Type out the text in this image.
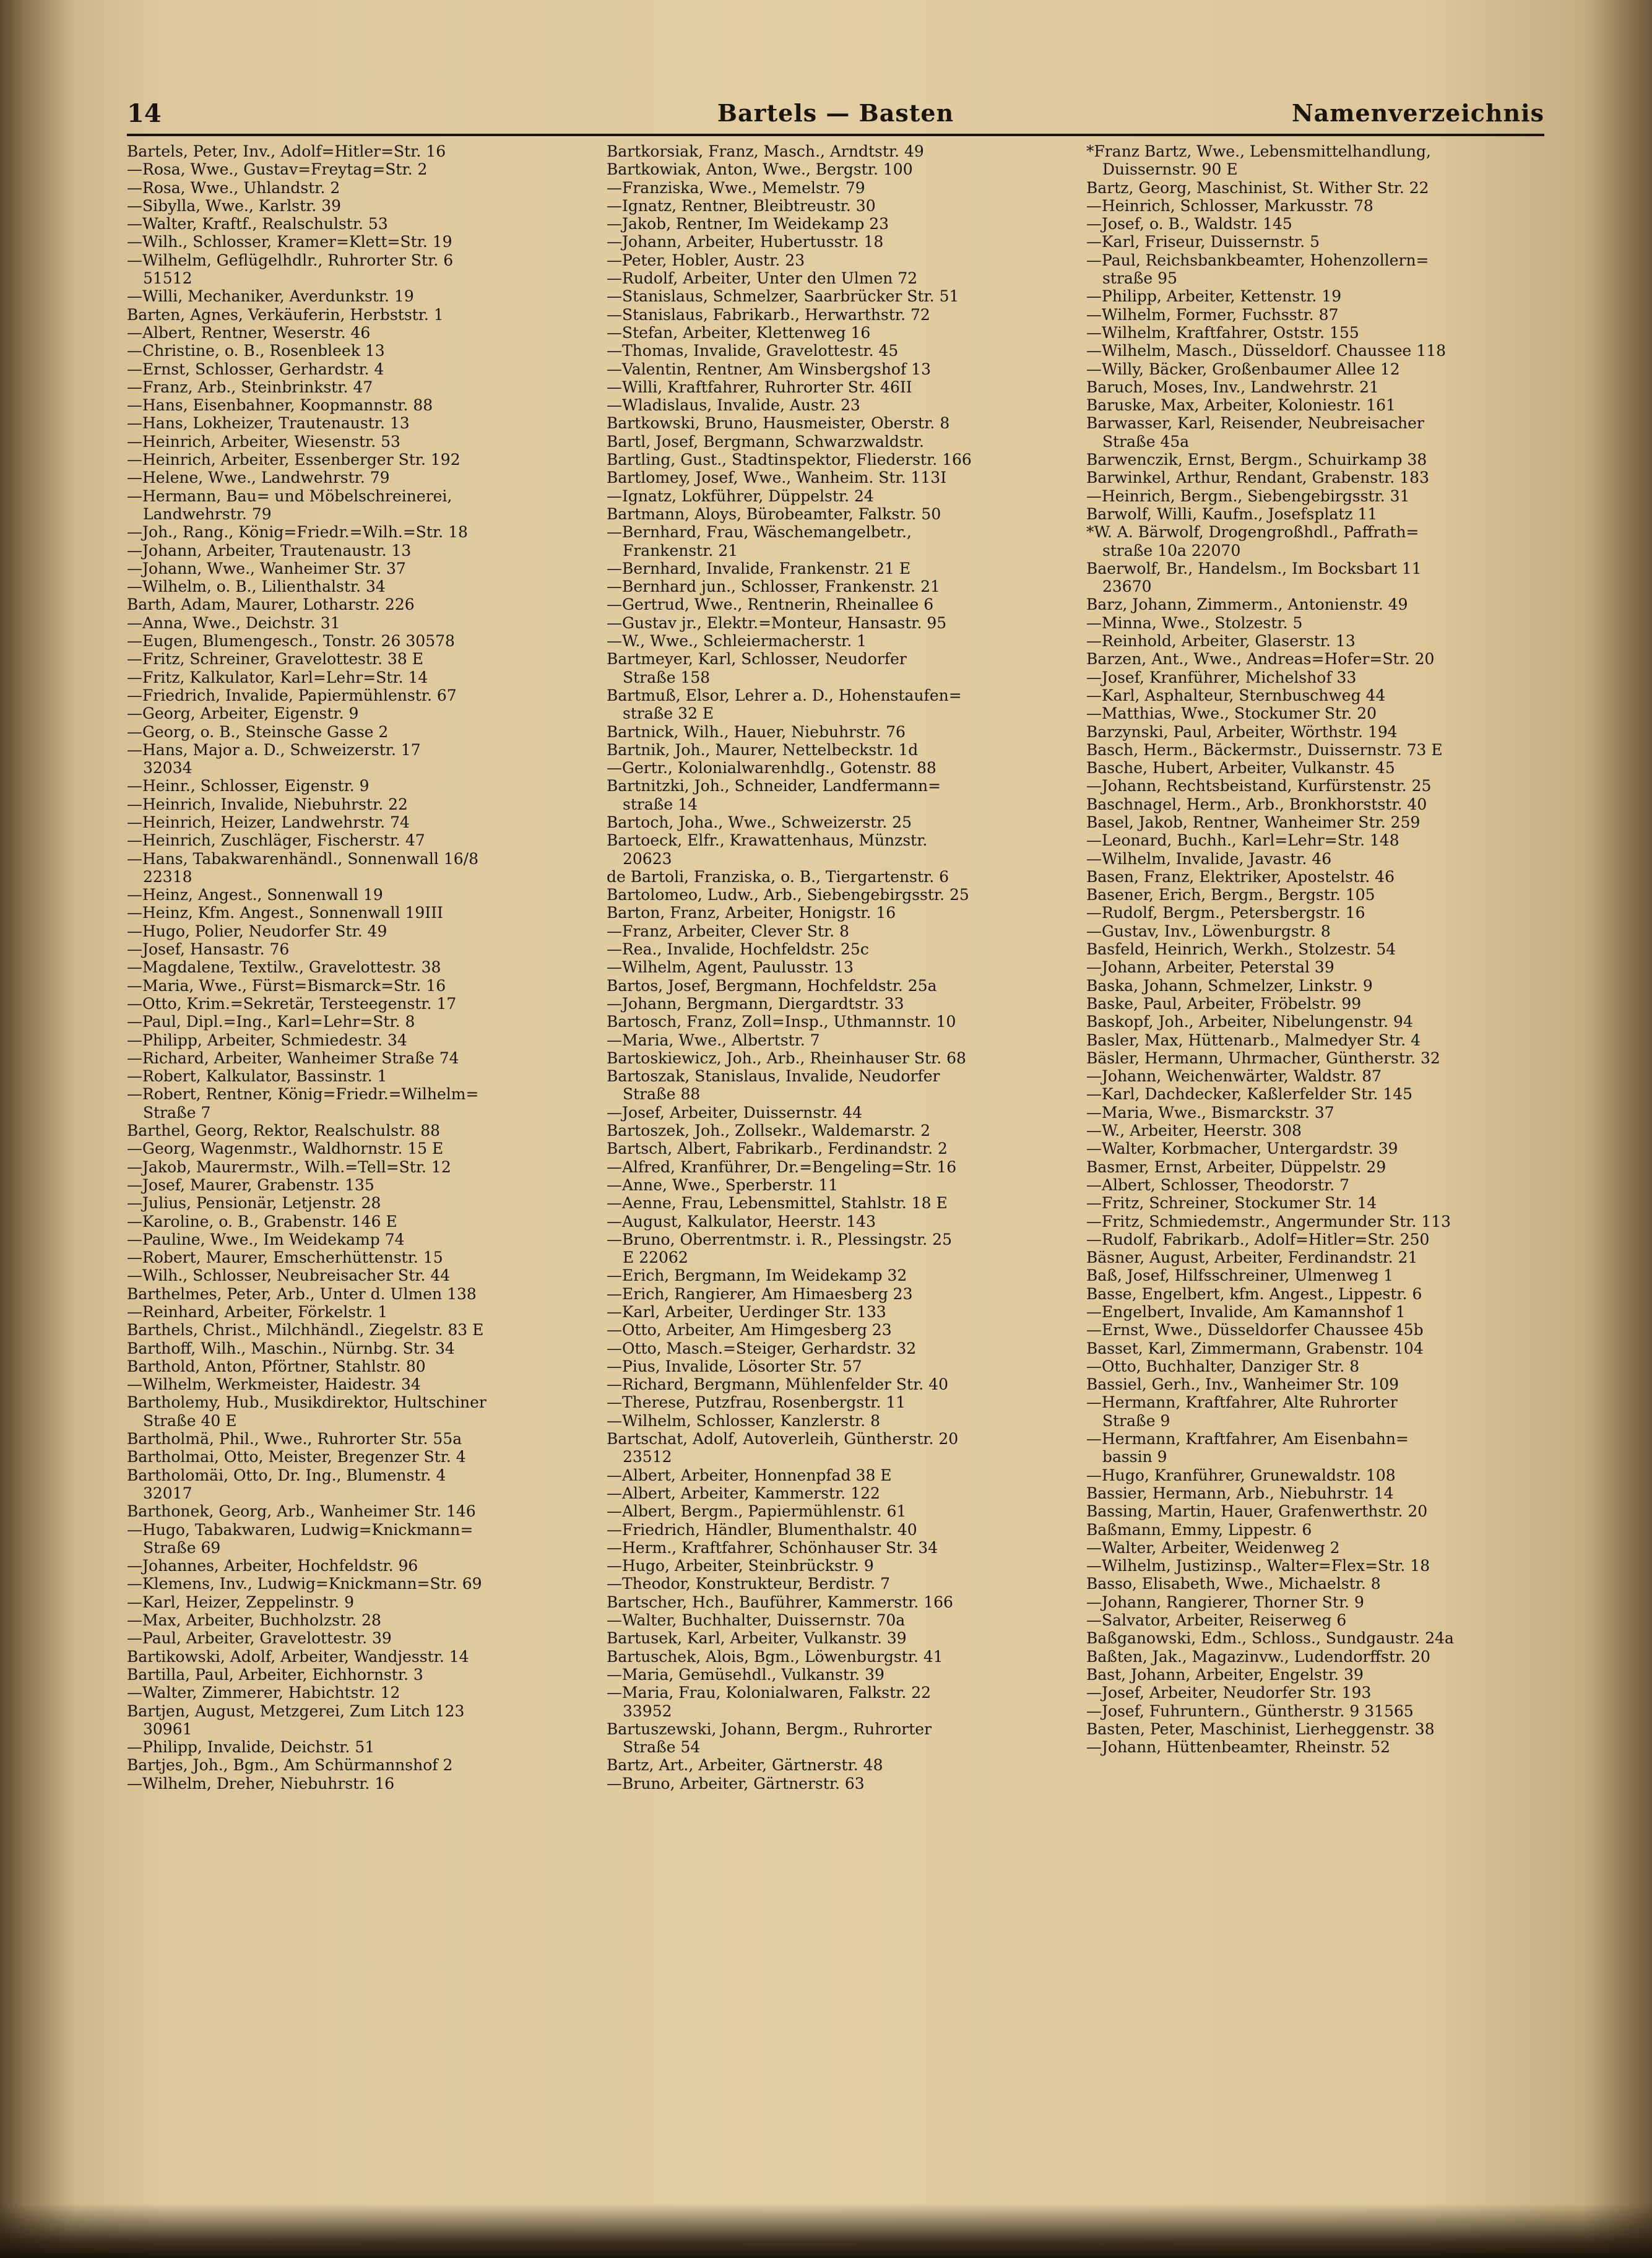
14	Bartels — Basten	Namenverzeichnis
Bartels, Peter, Inv., Adolf=Hitler=Str. 16
—Rosa, Wwe., Gustav=Freytag=Str. 2
—Rosa, Wwe., Uhlandstr. 2
—Sibylla, Wwe., Karlstr. 39
—Walter, Kraftf., Realschulstr. 53
—Wilh., Schlosser, Kramer=Klett=Str. 19
—Wilhelm, Geflügelhdlr., Ruhrorter Str. 6
51512
—Willi, Mechaniker, Averdunkstr. 19
Barten, Agnes, Verkäuferin, Herbststr. 1
—Albert, Rentner, Weserstr. 46
—Christine, o. B., Rosenbleek 13
—Ernst, Schlosser, Gerhardstr. 4
—Franz, Arb., Steinbrinkstr. 47
—Hans, Eisenbahner, Koopmannstr. 88
—Hans, Lokheizer, Trautenaustr. 13
—Heinrich, Arbeiter, Wiesenstr. 53
—Heinrich, Arbeiter, Essenberger Str. 192
—Helene, Wwe., Landwehrstr. 79
—Hermann, Bau= und Möbelschreinerei,
Landwehrstr. 79
—Joh., Rang., König=Friedr.=Wilh.=Str. 18
—Johann, Arbeiter, Trautenaustr. 13
—Johann, Wwe., Wanheimer Str. 37
—Wilhelm, o. B., Lilienthalstr. 34
Barth, Adam, Maurer, Lotharstr. 226
—Anna, Wwe., Deichstr. 31
—Eugen, Blumengesch., Tonstr. 26 30578
—Fritz, Schreiner, Gravelottestr. 38 E
—Fritz, Kalkulator, Karl=Lehr=Str. 14
—Friedrich, Invalide, Papiermühlenstr. 67
—Georg, Arbeiter, Eigenstr. 9
—Georg, o. B., Steinsche Gasse 2
—Hans, Major a. D., Schweizerstr. 17
32034
—Heinr., Schlosser, Eigenstr. 9
—Heinrich, Invalide, Niebuhrstr. 22
—Heinrich, Heizer, Landwehrstr. 74
—Heinrich, Zuschläger, Fischerstr. 47
—Hans, Tabakwarenhändl., Sonnenwall 16/8
22318
—Heinz, Angest., Sonnenwall 19
—Heinz, Kfm. Angest., Sonnenwall 19III
—Hugo, Polier, Neudorfer Str. 49
—Josef, Hansastr. 76
—Magdalene, Textilw., Gravelottestr. 38
—Maria, Wwe., Fürst=Bismarck=Str. 16
—Otto, Krim.=Sekretär, Tersteegenstr. 17
—Paul, Dipl.=Ing., Karl=Lehr=Str. 8
—Philipp, Arbeiter, Schmiedestr. 34
—Richard, Arbeiter, Wanheimer Straße 74
—Robert, Kalkulator, Bassinstr. 1
—Robert, Rentner, König=Friedr.=Wilhelm=
Straße 7
Barthel, Georg, Rektor, Realschulstr. 88
—Georg, Wagenmstr., Waldhornstr. 15 E
—Jakob, Maurermstr., Wilh.=Tell=Str. 12
—Josef, Maurer, Grabenstr. 135
—Julius, Pensionär, Letjenstr. 28
—Karoline, o. B., Grabenstr. 146 E
—Pauline, Wwe., Im Weidekamp 74
—Robert, Maurer, Emscherhüttenstr. 15
—Wilh., Schlosser, Neubreisacher Str. 44
Barthelmes, Peter, Arb., Unter d. Ulmen 138
—Reinhard, Arbeiter, Förkelstr. 1
Barthels, Christ., Milchhändl., Ziegelstr. 83 E
Barthoff, Wilh., Maschin., Nürnbg. Str. 34
Barthold, Anton, Pförtner, Stahlstr. 80
—Wilhelm, Werkmeister, Haidestr. 34
Bartholemy, Hub., Musikdirektor, Hultschiner
Straße 40 E
Bartholmä, Phil., Wwe., Ruhrorter Str. 55a
Bartholmai, Otto, Meister, Bregenzer Str. 4
Bartholomäi, Otto, Dr. Ing., Blumenstr. 4
32017
Barthonek, Georg, Arb., Wanheimer Str. 146
—Hugo, Tabakwaren, Ludwig=Knickmann=
Straße 69
—Johannes, Arbeiter, Hochfeldstr. 96
—Klemens, Inv., Ludwig=Knickmann=Str. 69
—Karl, Heizer, Zeppelinstr. 9
—Max, Arbeiter, Buchholzstr. 28
—Paul, Arbeiter, Gravelottestr. 39
Bartikowski, Adolf, Arbeiter, Wandjesstr. 14
Bartilla, Paul, Arbeiter, Eichhornstr. 3
—Walter, Zimmerer, Habichtstr. 12
Bartjen, August, Metzgerei, Zum Litch 123
30961
—Philipp, Invalide, Deichstr. 51
Bartjes, Joh., Bgm., Am Schürmannshof 2
—Wilhelm, Dreher, Niebuhrstr. 16
Bartkorsiak, Franz, Masch., Arndtstr. 49
Bartkowiak, Anton, Wwe., Bergstr. 100
—Franziska, Wwe., Memelstr. 79
—Ignatz, Rentner, Bleibtreustr. 30
—Jakob, Rentner, Im Weidekamp 23
—Johann, Arbeiter, Hubertusstr. 18
—Peter, Hobler, Austr. 23
—Rudolf, Arbeiter, Unter den Ulmen 72
—Stanislaus, Schmelzer, Saarbrücker Str. 51
—Stanislaus, Fabrikarb., Herwarthstr. 72
—Stefan, Arbeiter, Klettenweg 16
—Thomas, Invalide, Gravelottestr. 45
—Valentin, Rentner, Am Winsbergshof 13
—Willi, Kraftfahrer, Ruhrorter Str. 46II
—Wladislaus, Invalide, Austr. 23
Bartkowski, Bruno, Hausmeister, Oberstr. 8
Bartl, Josef, Bergmann, Schwarzwaldstr.
Bartling, Gust., Stadtinspektor, Fliederstr. 166
Bartlomey, Josef, Wwe., Wanheim. Str. 113I
—Ignatz, Lokführer, Düppelstr. 24
Bartmann, Aloys, Bürobeamter, Falkstr. 50
—Bernhard, Frau, Wäschemangelbetr.,
Frankenstr. 21
—Bernhard, Invalide, Frankenstr. 21 E
—Bernhard jun., Schlosser, Frankenstr. 21
—Gertrud, Wwe., Rentnerin, Rheinallee 6
—Gustav jr., Elektr.=Monteur, Hansastr. 95
—W., Wwe., Schleiermacherstr. 1
Bartmeyer, Karl, Schlosser, Neudorfer
Straße 158
Bartmuß, Elsor, Lehrer a. D., Hohenstaufen=
straße 32 E
Bartnick, Wilh., Hauer, Niebuhrstr. 76
Bartnik, Joh., Maurer, Nettelbeckstr. 1d
—Gertr., Kolonialwarenhdlg., Gotenstr. 88
Bartnitzki, Joh., Schneider, Landfermann=
straße 14
Bartoch, Joha., Wwe., Schweizerstr. 25
Bartoeck, Elfr., Krawattenhaus, Münzstr.
20623
de Bartoli, Franziska, o. B., Tiergartenstr. 6
Bartolomeo, Ludw., Arb., Siebengebirgsstr. 25
Barton, Franz, Arbeiter, Honigstr. 16
—Franz, Arbeiter, Clever Str. 8
—Rea., Invalide, Hochfeldstr. 25c
—Wilhelm, Agent, Paulusstr. 13
Bartos, Josef, Bergmann, Hochfeldstr. 25a
—Johann, Bergmann, Diergardtstr. 33
Bartosch, Franz, Zoll=Insp., Uthmannstr. 10
—Maria, Wwe., Albertstr. 7
Bartoskiewicz, Joh., Arb., Rheinhauser Str. 68
Bartoszak, Stanislaus, Invalide, Neudorfer
Straße 88
—Josef, Arbeiter, Duissernstr. 44
Bartoszek, Joh., Zollsekr., Waldemarstr. 2
Bartsch, Albert, Fabrikarb., Ferdinandstr. 2
—Alfred, Kranführer, Dr.=Bengeling=Str. 16
—Anne, Wwe., Sperberstr. 11
—Aenne, Frau, Lebensmittel, Stahlstr. 18 E
—August, Kalkulator, Heerstr. 143
—Bruno, Oberrentmstr. i. R., Plessingstr. 25
E 22062
—Erich, Bergmann, Im Weidekamp 32
—Erich, Rangierer, Am Himaesberg 23
—Karl, Arbeiter, Uerdinger Str. 133
—Otto, Arbeiter, Am Himgesberg 23
—Otto, Masch.=Steiger, Gerhardstr. 32
—Pius, Invalide, Lösorter Str. 57
—Richard, Bergmann, Mühlenfelder Str. 40
—Therese, Putzfrau, Rosenbergstr. 11
—Wilhelm, Schlosser, Kanzlerstr. 8
Bartschat, Adolf, Autoverleih, Güntherstr. 20
23512
—Albert, Arbeiter, Honnenpfad 38 E
—Albert, Arbeiter, Kammerstr. 122
—Albert, Bergm., Papiermühlenstr. 61
—Friedrich, Händler, Blumenthalstr. 40
—Herm., Kraftfahrer, Schönhauser Str. 34
—Hugo, Arbeiter, Steinbrückstr. 9
—Theodor, Konstrukteur, Berdistr. 7
Bartscher, Hch., Bauführer, Kammerstr. 166
—Walter, Buchhalter, Duissernstr. 70a
Bartusek, Karl, Arbeiter, Vulkanstr. 39
Bartuschek, Alois, Bgm., Löwenburgstr. 41
—Maria, Gemüsehdl., Vulkanstr. 39
—Maria, Frau, Kolonialwaren, Falkstr. 22
33952
Bartuszewski, Johann, Bergm., Ruhrorter
Straße 54
Bartz, Art., Arbeiter, Gärtnerstr. 48
—Bruno, Arbeiter, Gärtnerstr. 63
*Franz Bartz, Wwe., Lebensmittelhandlung,
Duissernstr. 90 E
Bartz, Georg, Maschinist, St. Wither Str. 22
—Heinrich, Schlosser, Markusstr. 78
—Josef, o. B., Waldstr. 145
—Karl, Friseur, Duissernstr. 5
—Paul, Reichsbankbeamter, Hohenzollern=
straße 95
—Philipp, Arbeiter, Kettenstr. 19
—Wilhelm, Former, Fuchsstr. 87
—Wilhelm, Kraftfahrer, Oststr. 155
—Wilhelm, Masch., Düsseldorf. Chaussee 118
—Willy, Bäcker, Großenbaumer Allee 12
Baruch, Moses, Inv., Landwehrstr. 21
Baruske, Max, Arbeiter, Koloniestr. 161
Barwasser, Karl, Reisender, Neubreisacher
Straße 45a
Barwenczik, Ernst, Bergm., Schuirkamp 38
Barwinkel, Arthur, Rendant, Grabenstr. 183
—Heinrich, Bergm., Siebengebirgsstr. 31
Barwolf, Willi, Kaufm., Josefsplatz 11
*W. A. Bärwolf, Drogengroßhdl., Paffrath=
straße 10a 22070
Baerwolf, Br., Handelsm., Im Bocksbart 11
23670
Barz, Johann, Zimmerm., Antonienstr. 49
—Minna, Wwe., Stolzestr. 5
—Reinhold, Arbeiter, Glaserstr. 13
Barzen, Ant., Wwe., Andreas=Hofer=Str. 20
—Josef, Kranführer, Michelshof 33
—Karl, Asphalteur, Sternbuschweg 44
—Matthias, Wwe., Stockumer Str. 20
Barzynski, Paul, Arbeiter, Wörthstr. 194
Basch, Herm., Bäckermstr., Duissernstr. 73 E
Basche, Hubert, Arbeiter, Vulkanstr. 45
—Johann, Rechtsbeistand, Kurfürstenstr. 25
Baschnagel, Herm., Arb., Bronkhorststr. 40
Basel, Jakob, Rentner, Wanheimer Str. 259
—Leonard, Buchh., Karl=Lehr=Str. 148
—Wilhelm, Invalide, Javastr. 46
Basen, Franz, Elektriker, Apostelstr. 46
Basener, Erich, Bergm., Bergstr. 105
—Rudolf, Bergm., Petersbergstr. 16
—Gustav, Inv., Löwenburgstr. 8
Basfeld, Heinrich, Werkh., Stolzestr. 54
—Johann, Arbeiter, Peterstal 39
Baska, Johann, Schmelzer, Linkstr. 9
Baske, Paul, Arbeiter, Fröbelstr. 99
Baskopf, Joh., Arbeiter, Nibelungenstr. 94
Basler, Max, Hüttenarb., Malmedyer Str. 4
Bäsler, Hermann, Uhrmacher, Güntherstr. 32
—Johann, Weichenwärter, Waldstr. 87
—Karl, Dachdecker, Kaßlerfelder Str. 145
—Maria, Wwe., Bismarckstr. 37
—W., Arbeiter, Heerstr. 308
—Walter, Korbmacher, Untergardstr. 39
Basmer, Ernst, Arbeiter, Düppelstr. 29
—Albert, Schlosser, Theodorstr. 7
—Fritz, Schreiner, Stockumer Str. 14
—Fritz, Schmiedemstr., Angermunder Str. 113
—Rudolf, Fabrikarb., Adolf=Hitler=Str. 250
Bäsner, August, Arbeiter, Ferdinandstr. 21
Baß, Josef, Hilfsschreiner, Ulmenweg 1
Basse, Engelbert, kfm. Angest., Lippestr. 6
—Engelbert, Invalide, Am Kamannshof 1
—Ernst, Wwe., Düsseldorfer Chaussee 45b
Basset, Karl, Zimmermann, Grabenstr. 104
—Otto, Buchhalter, Danziger Str. 8
Bassiel, Gerh., Inv., Wanheimer Str. 109
—Hermann, Kraftfahrer, Alte Ruhrorter
Straße 9
—Hermann, Kraftfahrer, Am Eisenbahn=
bassin 9
—Hugo, Kranführer, Grunewaldstr. 108
Bassier, Hermann, Arb., Niebuhrstr. 14
Bassing, Martin, Hauer, Grafenwerthstr. 20
Baßmann, Emmy, Lippestr. 6
—Walter, Arbeiter, Weidenweg 2
—Wilhelm, Justizinsp., Walter=Flex=Str. 18
Basso, Elisabeth, Wwe., Michaelstr. 8
—Johann, Rangierer, Thorner Str. 9
—Salvator, Arbeiter, Reiserweg 6
Baßganowski, Edm., Schloss., Sundgaustr. 24a
Baßten, Jak., Magazinvw., Ludendorffstr. 20
Bast, Johann, Arbeiter, Engelstr. 39
—Josef, Arbeiter, Neudorfer Str. 193
—Josef, Fuhruntern., Güntherstr. 9 31565
Basten, Peter, Maschinist, Lierheggenstr. 38
—Johann, Hüttenbeamter, Rheinstr. 52
